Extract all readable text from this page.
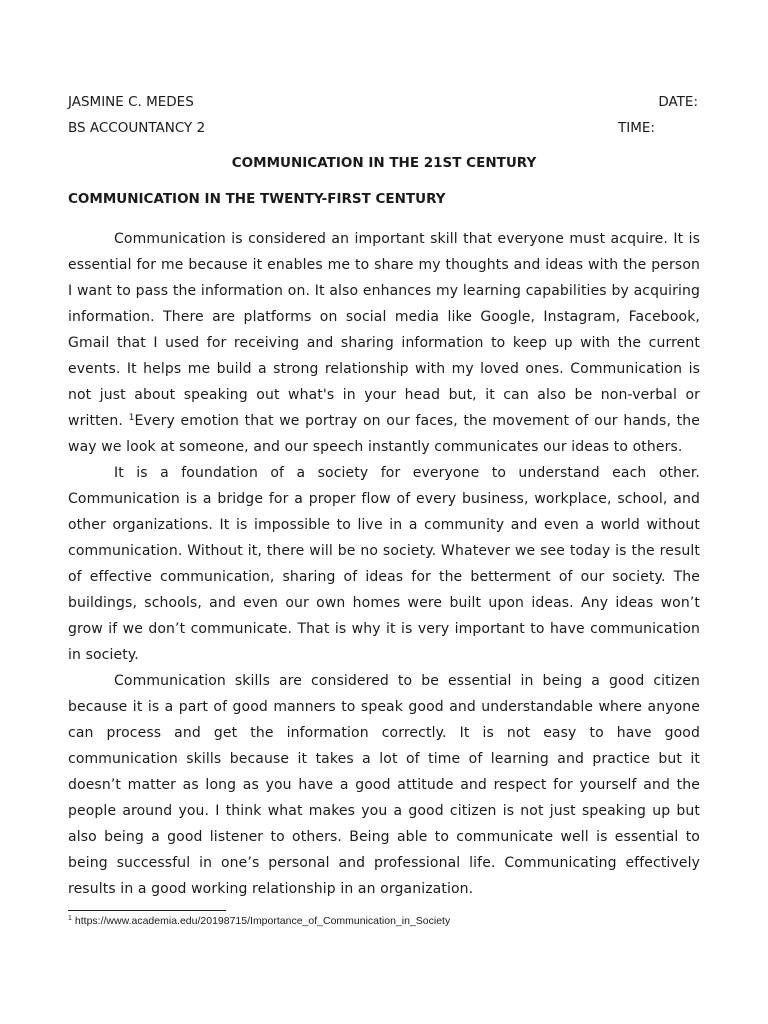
JASMINE C. MEDES	DATE:

BS ACCOUNTANCY 2	TIME:

COMMUNICATION IN THE 21ST CENTURY
COMMUNICATION IN THE TWENTY-FIRST CENTURY

Communication is considered an important skill that everyone must acquire. It is essential for me because it enables me to share my thoughts and ideas with the person I want to pass the information on. It also enhances my learning capabilities by acquiring information. There are platforms on social media like Google, Instagram, Facebook, Gmail that I used for receiving and sharing information to keep up with the current events. It helps me build a strong relationship with my loved ones. Communication is not just about speaking out what's in your head but, it can also be non-verbal or written. $^1$Every emotion that we portray on our faces, the movement of our hands, the way we look at someone, and our speech instantly communicates our ideas to others.

It is a foundation of a society for everyone to understand each other. Communication is a bridge for a proper flow of every business, workplace, school, and other organizations. It is impossible to live in a community and even a world without communication. Without it, there will be no society. Whatever we see today is the result of effective communication, sharing of ideas for the betterment of our society. The buildings, schools, and even our own homes were built upon ideas. Any ideas won’t grow if we don’t communicate. That is why it is very important to have communication in society.

Communication skills are considered to be essential in being a good citizen because it is a part of good manners to speak good and understandable where anyone can process and get the information correctly. It is not easy to have good communication skills because it takes a lot of time of learning and practice but it doesn’t matter as long as you have a good attitude and respect for yourself and the people around you. I think what makes you a good citizen is not just speaking up but also being a good listener to others. Being able to communicate well is essential to being successful in one’s personal and professional life. Communicating effectively results in a good working relationship in an organization.

$^1$ https://www.academia.edu/20198715/Importance_of_Communication_in_Society
